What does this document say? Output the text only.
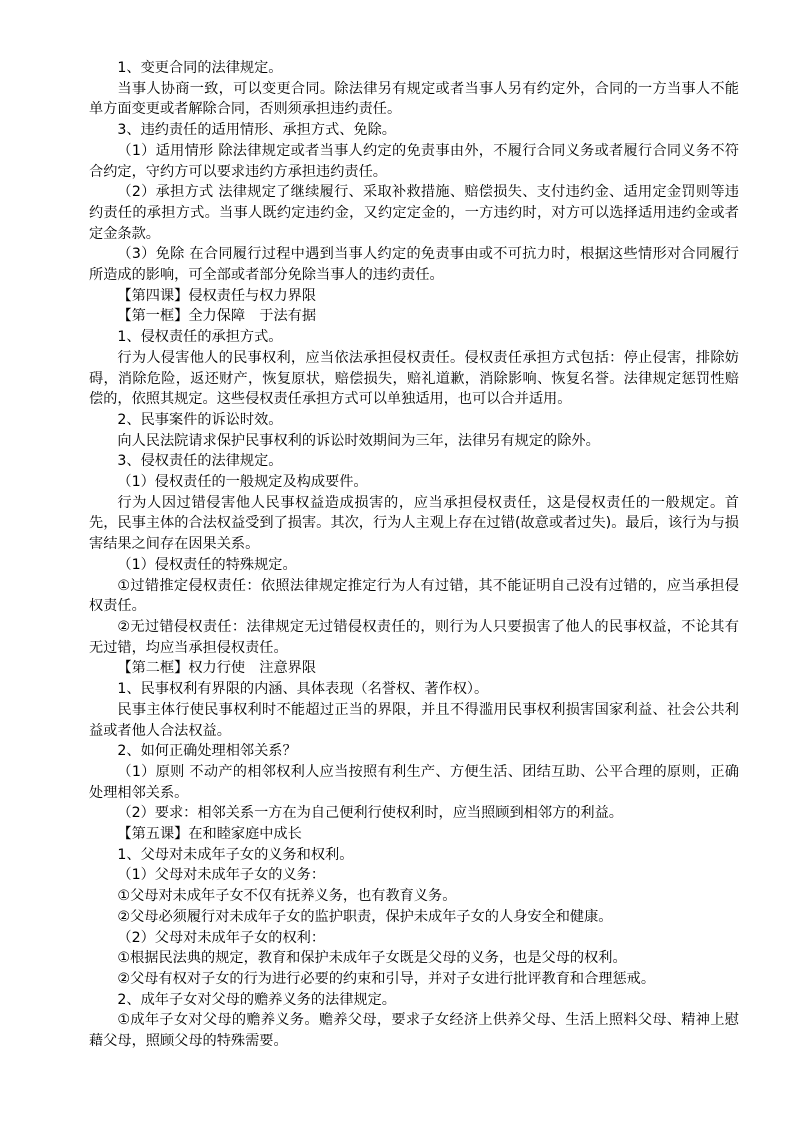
1、变更合同的法律规定。

当事人协商一致，可以变更合同。除法律另有规定或者当事人另有约定外，合同的一方当事人不能单方面变更或者解除合同，否则须承担违约责任。

3、违约责任的适用情形、承担方式、免除。

（1）适用情形 除法律规定或者当事人约定的免责事由外，不履行合同义务或者履行合同义务不符合约定，守约方可以要求违约方承担违约责任。

（2）承担方式 法律规定了继续履行、采取补救措施、赔偿损失、支付违约金、适用定金罚则等违约责任的承担方式。当事人既约定违约金，又约定定金的，一方违约时，对方可以选择适用违约金或者定金条款。

（3）免除 在合同履行过程中遇到当事人约定的免责事由或不可抗力时，根据这些情形对合同履行所造成的影响，可全部或者部分免除当事人的违约责任。

【第四课】侵权责任与权力界限

【第一框】全力保障　于法有据

1、侵权责任的承担方式。

行为人侵害他人的民事权利，应当依法承担侵权责任。侵权责任承担方式包括：停止侵害，排除妨碍，消除危险，返还财产，恢复原状，赔偿损失，赔礼道歉，消除影响、恢复名誉。法律规定惩罚性赔偿的，依照其规定。这些侵权责任承担方式可以单独适用，也可以合并适用。

2、民事案件的诉讼时效。

向人民法院请求保护民事权利的诉讼时效期间为三年，法律另有规定的除外。

3、侵权责任的法律规定。

（1）侵权责任的一般规定及构成要件。

行为人因过错侵害他人民事权益造成损害的，应当承担侵权责任，这是侵权责任的一般规定。首先，民事主体的合法权益受到了损害。其次，行为人主观上存在过错(故意或者过失)。最后，该行为与损害结果之间存在因果关系。

（1）侵权责任的特殊规定。

①过错推定侵权责任：依照法律规定推定行为人有过错，其不能证明自己没有过错的，应当承担侵权责任。

②无过错侵权责任：法律规定无过错侵权责任的，则行为人只要损害了他人的民事权益，不论其有无过错，均应当承担侵权责任。

【第二框】权力行使　注意界限

1、民事权利有界限的内涵、具体表现（名誉权、著作权）。

民事主体行使民事权利时不能超过正当的界限，并且不得滥用民事权利损害国家利益、社会公共利益或者他人合法权益。

2、如何正确处理相邻关系？

（1）原则 不动产的相邻权利人应当按照有利生产、方便生活、团结互助、公平合理的原则，正确处理相邻关系。

（2）要求：相邻关系一方在为自己便利行使权利时，应当照顾到相邻方的利益。

【第五课】在和睦家庭中成长

1、父母对未成年子女的义务和权利。

（1）父母对未成年子女的义务：

①父母对未成年子女不仅有抚养义务，也有教育义务。

②父母必须履行对未成年子女的监护职责，保护未成年子女的人身安全和健康。

（2）父母对未成年子女的权利：

①根据民法典的规定，教育和保护未成年子女既是父母的义务，也是父母的权利。

②父母有权对子女的行为进行必要的约束和引导，并对子女进行批评教育和合理惩戒。

2、成年子女对父母的赡养义务的法律规定。

①成年子女对父母的赡养义务。赡养父母，要求子女经济上供养父母、生活上照料父母、精神上慰藉父母，照顾父母的特殊需要。
